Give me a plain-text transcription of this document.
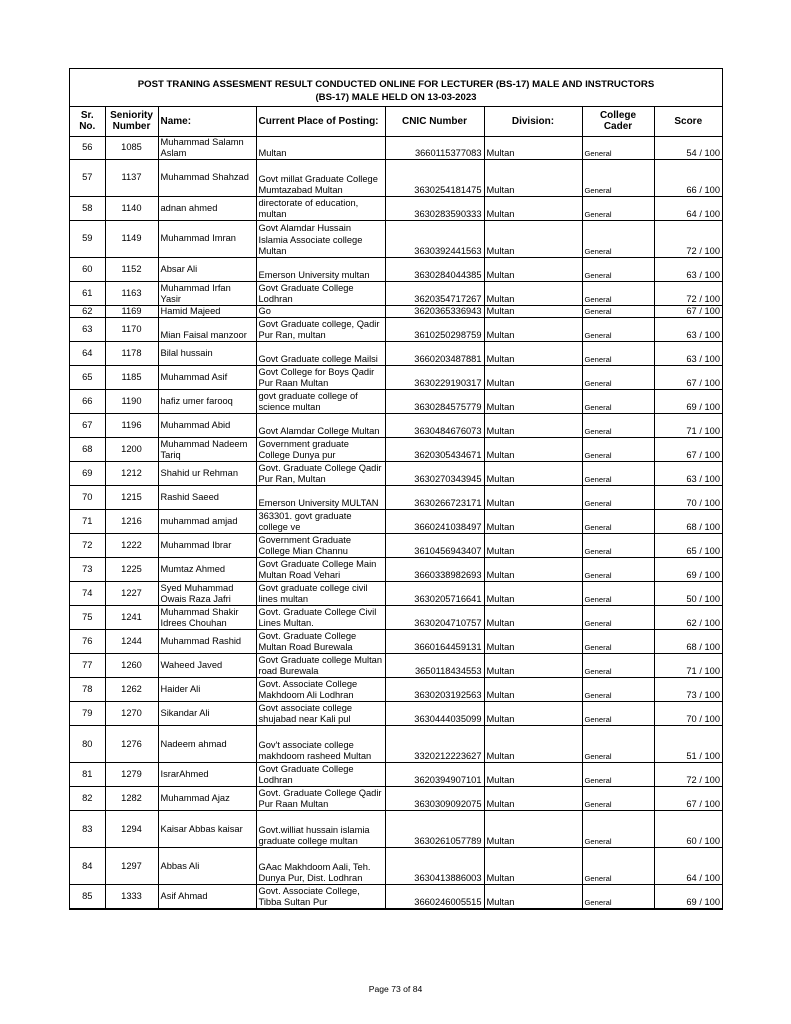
POST TRANING ASSESMENT RESULT CONDUCTED ONLINE FOR LECTURER (BS-17) MALE AND INSTRUCTORS
(BS-17) MALE HELD ON 13-03-2023
Sr. No.	Seniority Number	Name:	Current Place of Posting:	CNIC Number	Division:	College Cader	Score
56	1085	Muhammad Salamn Aslam	Multan	3660115377083	Multan	General	54 / 100
57	1137	Muhammad Shahzad	Govt millat Graduate College Mumtazabad Multan	3630254181475	Multan	General	66 / 100
58	1140	adnan ahmed	directorate of education, multan	3630283590333	Multan	General	64 / 100
59	1149	Muhammad Imran	Govt Alamdar Hussain Islamia Associate college Multan	3630392441563	Multan	General	72 / 100
60	1152	Absar Ali	Emerson University multan	3630284044385	Multan	General	63 / 100
61	1163	Muhammad Irfan Yasir	Govt Graduate College Lodhran	3620354717267	Multan	General	72 / 100
62	1169	Hamid Majeed	Go	3620365336943	Multan	General	67 / 100
63	1170	Mian Faisal manzoor	Govt Graduate college, Qadir Pur Ran, multan	3610250298759	Multan	General	63 / 100
64	1178	Bilal hussain	Govt Graduate college Mailsi	3660203487881	Multan	General	63 / 100
65	1185	Muhammad Asif	Govt College for Boys Qadir Pur Raan Multan	3630229190317	Multan	General	67 / 100
66	1190	hafiz umer farooq	govt graduate college of science multan	3630284575779	Multan	General	69 / 100
67	1196	Muhammad Abid	Govt Alamdar College Multan	3630484676073	Multan	General	71 / 100
68	1200	Muhammad Nadeem Tariq	Government graduate College Dunya pur	3620305434671	Multan	General	67 / 100
69	1212	Shahid ur Rehman	Govt. Graduate College Qadir Pur Ran, Multan	3630270343945	Multan	General	63 / 100
70	1215	Rashid Saeed	Emerson University MULTAN	3630266723171	Multan	General	70 / 100
71	1216	muhammad amjad	363301. govt graduate college ve	3660241038497	Multan	General	68 / 100
72	1222	Muhammad Ibrar	Government Graduate College Mian Channu	3610456943407	Multan	General	65 / 100
73	1225	Mumtaz Ahmed	Govt Graduate College Main Multan Road Vehari	3660338982693	Multan	General	69 / 100
74	1227	Syed Muhammad Owais Raza Jafri	Govt graduate college civil lines multan	3630205716641	Multan	General	50 / 100
75	1241	Muhammad Shakir Idrees Chouhan	Govt. Graduate College Civil Lines Multan.	3630204710757	Multan	General	62 / 100
76	1244	Muhammad Rashid	Govt. Graduate College Multan Road Burewala	3660164459131	Multan	General	68 / 100
77	1260	Waheed Javed	Govt Graduate college Multan road Burewala	3650118434553	Multan	General	71 / 100
78	1262	Haider Ali	Govt. Associate College Makhdoom Ali Lodhran	3630203192563	Multan	General	73 / 100
79	1270	Sikandar Ali	Govt associate college shujabad near Kali pul	3630444035099	Multan	General	70 / 100
80	1276	Nadeem ahmad	Gov't associate college makhdoom rasheed Multan	3320212223627	Multan	General	51 / 100
81	1279	IsrarAhmed	Govt Graduate College Lodhran	3620394907101	Multan	General	72 / 100
82	1282	Muhammad Ajaz	Govt. Graduate College Qadir Pur Raan Multan	3630309092075	Multan	General	67 / 100
83	1294	Kaisar Abbas kaisar	Govt.williat hussain islamia graduate college multan	3630261057789	Multan	General	60 / 100
84	1297	Abbas Ali	GAac Makhdoom Aali, Teh. Dunya Pur, Dist. Lodhran	3630413886003	Multan	General	64 / 100
85	1333	Asif Ahmad	Govt. Associate College, Tibba Sultan Pur	3660246005515	Multan	General	69 / 100
Page 73 of 84
